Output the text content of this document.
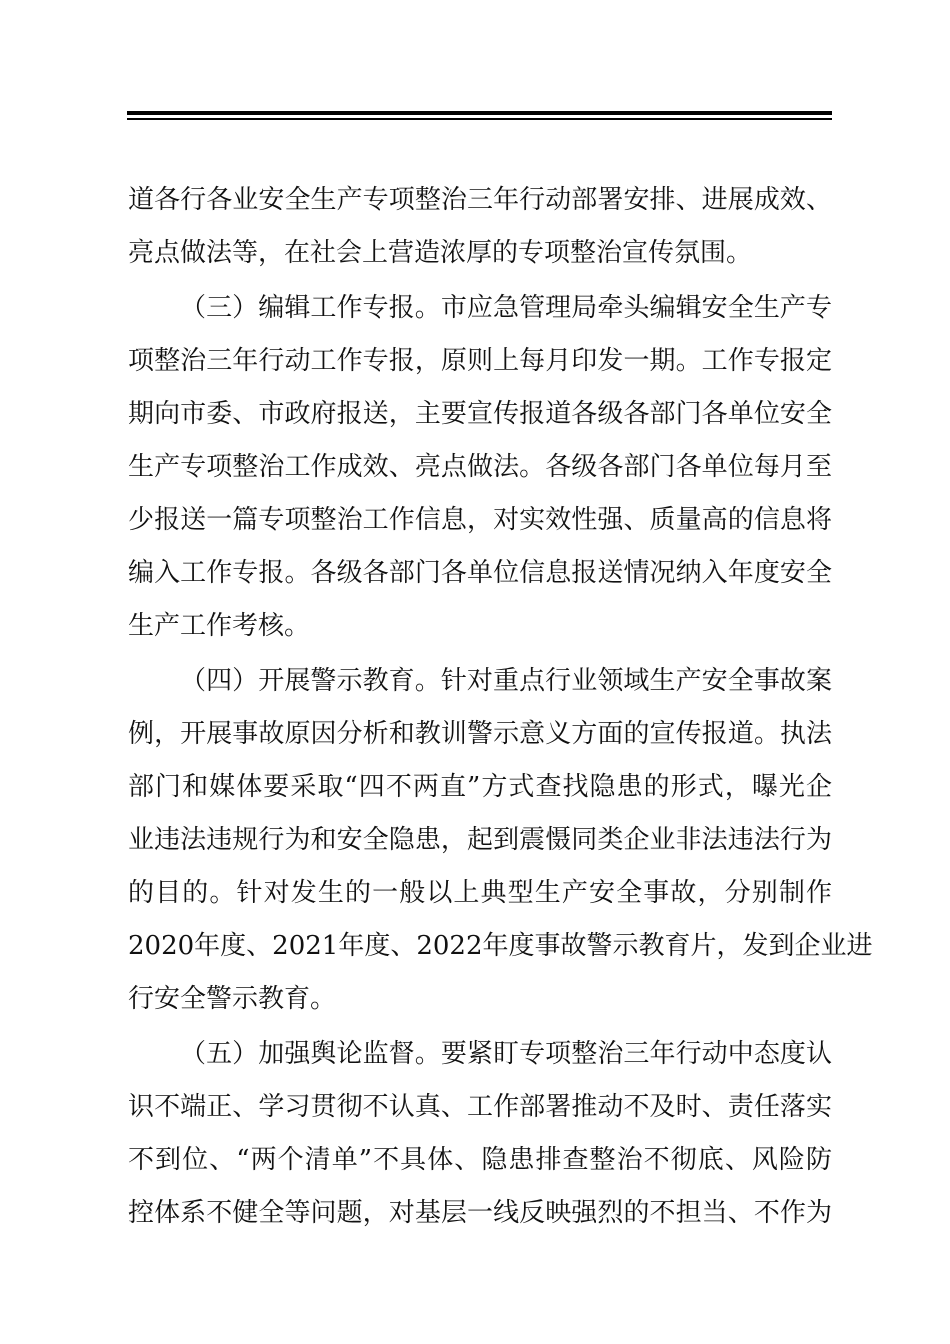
道各行各业安全生产专项整治三年行动部署安排、进展成效、
亮点做法等，在社会上营造浓厚的专项整治宣传氛围。
（三）编辑工作专报。市应急管理局牵头编辑安全生产专
项整治三年行动工作专报，原则上每月印发一期。工作专报定
期向市委、市政府报送，主要宣传报道各级各部门各单位安全
生产专项整治工作成效、亮点做法。各级各部门各单位每月至
少报送一篇专项整治工作信息，对实效性强、质量高的信息将
编入工作专报。各级各部门各单位信息报送情况纳入年度安全
生产工作考核。
（四）开展警示教育。针对重点行业领域生产安全事故案
例，开展事故原因分析和教训警示意义方面的宣传报道。执法
部门和媒体要采取“四不两直”方式查找隐患的形式，曝光企
业违法违规行为和安全隐患，起到震慑同类企业非法违法行为
的目的。针对发生的一般以上典型生产安全事故，分别制作
2020年度、2021年度、2022年度事故警示教育片，发到企业进
行安全警示教育。
（五）加强舆论监督。要紧盯专项整治三年行动中态度认
识不端正、学习贯彻不认真、工作部署推动不及时、责任落实
不到位、“两个清单”不具体、隐患排查整治不彻底、风险防
控体系不健全等问题，对基层一线反映强烈的不担当、不作为
